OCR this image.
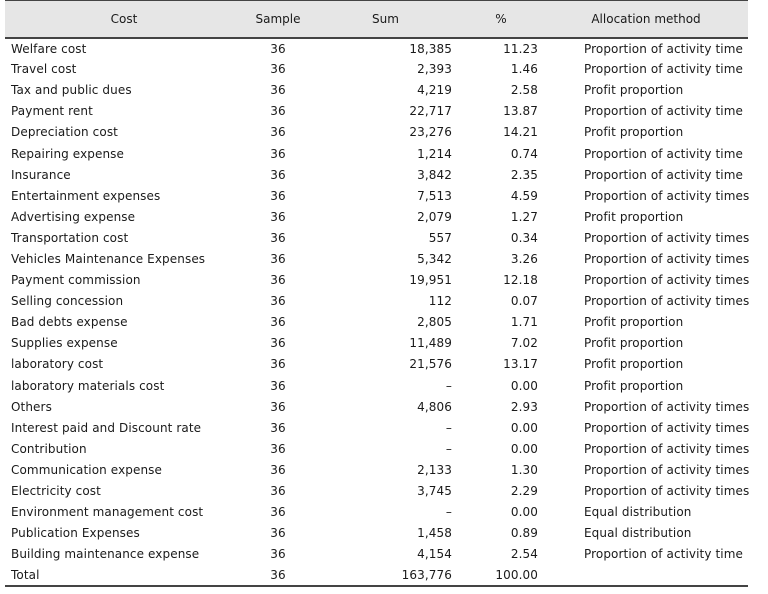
Cost	Sample	Sum	%	Allocation method
Welfare cost	36	18,385	11.23	Proportion of activity time
Travel cost	36	2,393	1.46	Proportion of activity time
Tax and public dues	36	4,219	2.58	Profit proportion
Payment rent	36	22,717	13.87	Proportion of activity time
Depreciation cost	36	23,276	14.21	Profit proportion
Repairing expense	36	1,214	0.74	Proportion of activity time
Insurance	36	3,842	2.35	Proportion of activity time
Entertainment expenses	36	7,513	4.59	Proportion of activity times
Advertising expense	36	2,079	1.27	Profit proportion
Transportation cost	36	557	0.34	Proportion of activity times
Vehicles Maintenance Expenses	36	5,342	3.26	Proportion of activity times
Payment commission	36	19,951	12.18	Proportion of activity times
Selling concession	36	112	0.07	Proportion of activity times
Bad debts expense	36	2,805	1.71	Profit proportion
Supplies expense	36	11,489	7.02	Profit proportion
laboratory cost	36	21,576	13.17	Profit proportion
laboratory materials cost	36	–	0.00	Profit proportion
Others	36	4,806	2.93	Proportion of activity times
Interest paid and Discount rate	36	–	0.00	Proportion of activity times
Contribution	36	–	0.00	Proportion of activity times
Communication expense	36	2,133	1.30	Proportion of activity times
Electricity cost	36	3,745	2.29	Proportion of activity times
Environment management cost	36	–	0.00	Equal distribution
Publication Expenses	36	1,458	0.89	Equal distribution
Building maintenance expense	36	4,154	2.54	Proportion of activity time
Total	36	163,776	100.00	
